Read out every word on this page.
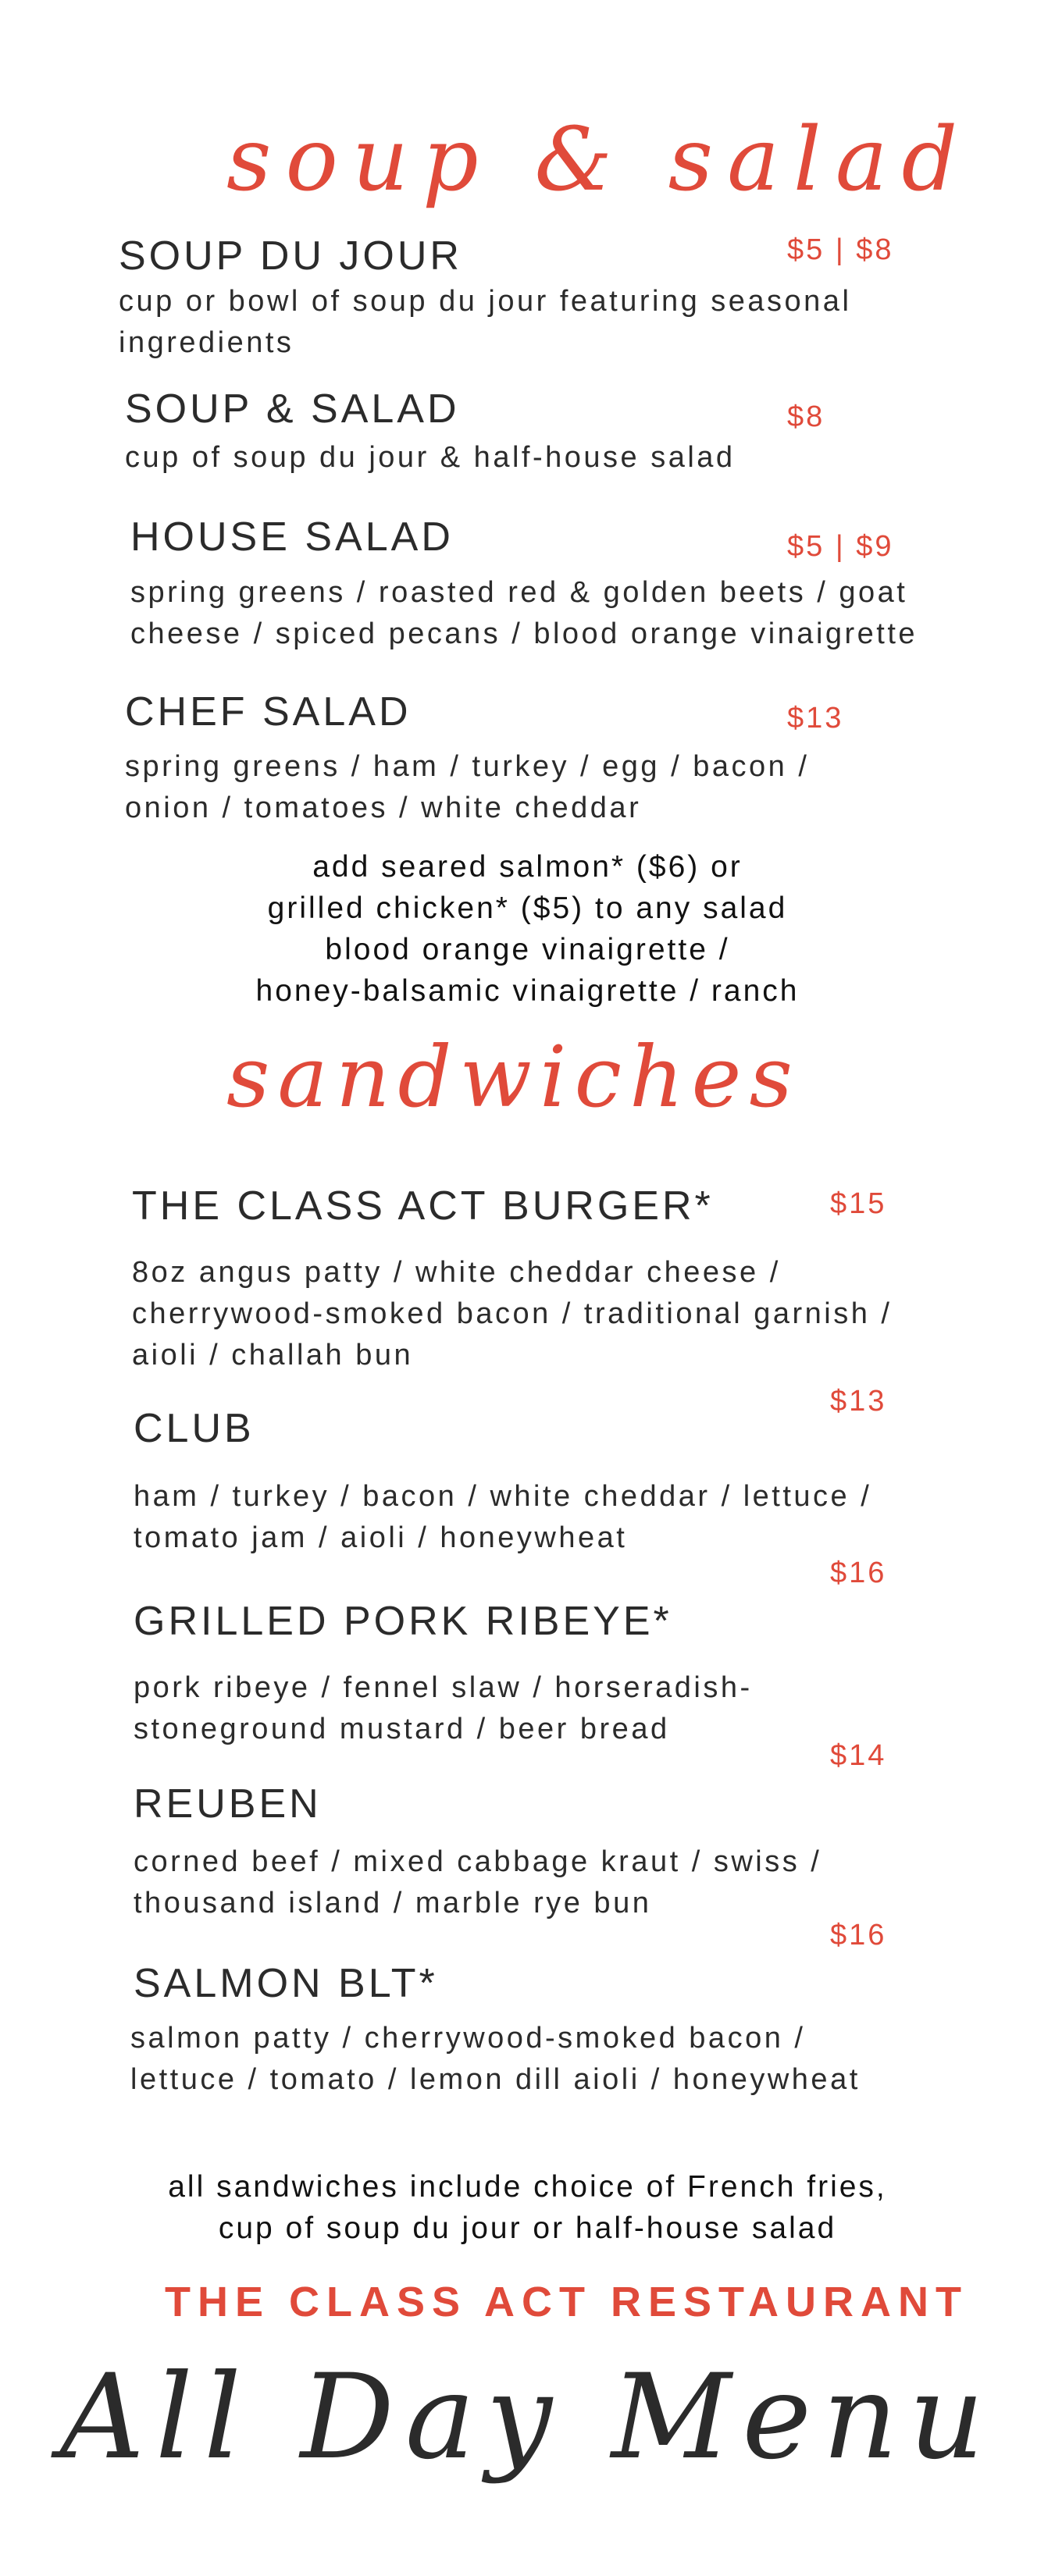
soup & salad
SOUP DU JOUR	$5 | $8
cup or bowl of soup du jour featuring seasonal
ingredients
SOUP & SALAD	$8
cup of soup du jour & half-house salad
HOUSE SALAD	$5 | $9
spring greens / roasted red & golden beets / goat
cheese / spiced pecans / blood orange vinaigrette
CHEF SALAD	$13
spring greens / ham / turkey / egg / bacon /
onion / tomatoes / white cheddar
add seared salmon* ($6) or
grilled chicken* ($5) to any salad
blood orange vinaigrette /
honey-balsamic vinaigrette / ranch
sandwiches
THE CLASS ACT BURGER*	$15
8oz angus patty / white cheddar cheese /
cherrywood-smoked bacon / traditional garnish /
aioli / challah bun
CLUB
$13
ham / turkey / bacon / white cheddar / lettuce /
tomato jam / aioli / honeywheat
GRILLED PORK RIBEYE*
$16
pork ribeye / fennel slaw / horseradish-
stoneground mustard / beer bread
REUBEN
$14
corned beef / mixed cabbage kraut / swiss /
thousand island / marble rye bun
SALMON BLT*
$16
salmon patty / cherrywood-smoked bacon /
lettuce / tomato / lemon dill aioli / honeywheat
all sandwiches include choice of French fries,
cup of soup du jour or half-house salad
THE CLASS ACT RESTAURANT
All Day Menu
